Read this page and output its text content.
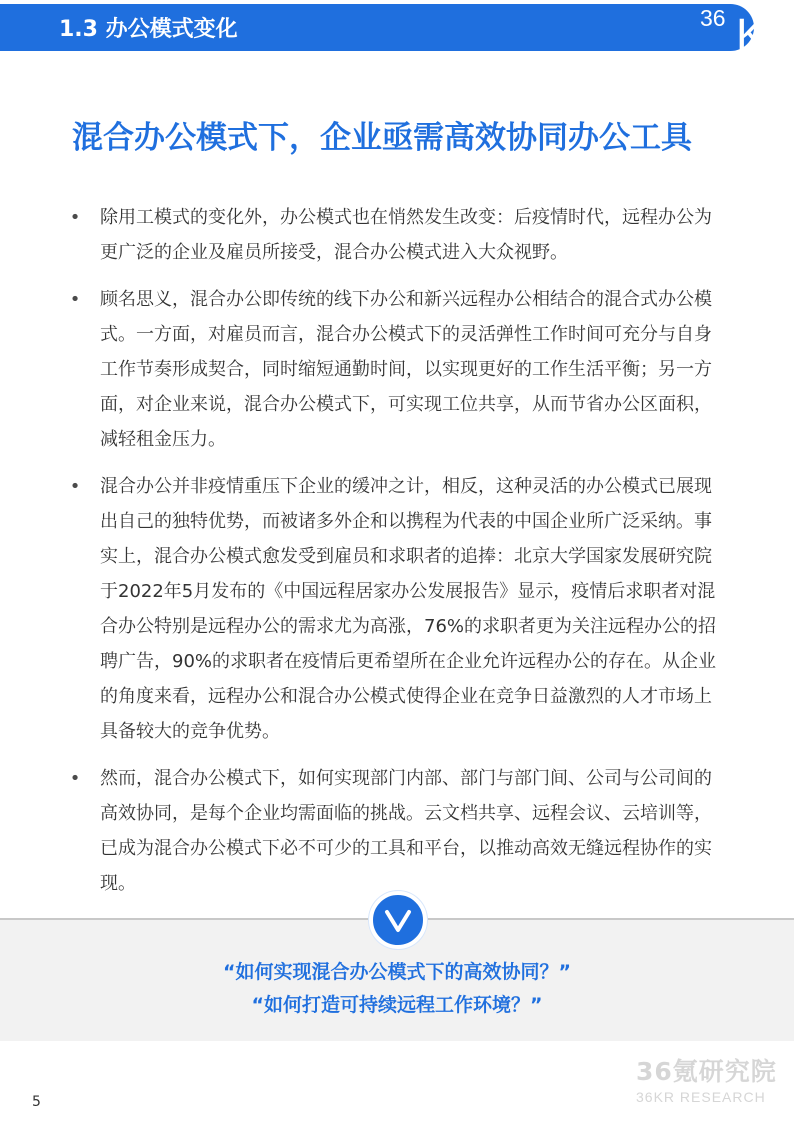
1.3 办公模式变化	36 Kr
混合办公模式下，企业亟需高效协同办公工具
• 除用工模式的变化外，办公模式也在悄然发生改变：后疫情时代，远程办公为更广泛的企业及雇员所接受，混合办公模式进入大众视野。
• 顾名思义，混合办公即传统的线下办公和新兴远程办公相结合的混合式办公模式。一方面，对雇员而言，混合办公模式下的灵活弹性工作时间可充分与自身工作节奏形成契合，同时缩短通勤时间，以实现更好的工作生活平衡；另一方面，对企业来说，混合办公模式下，可实现工位共享，从而节省办公区面积，减轻租金压力。
• 混合办公并非疫情重压下企业的缓冲之计，相反，这种灵活的办公模式已展现出自己的独特优势，而被诸多外企和以携程为代表的中国企业所广泛采纳。事实上，混合办公模式愈发受到雇员和求职者的追捧：北京大学国家发展研究院于2022年5月发布的《中国远程居家办公发展报告》显示，疫情后求职者对混合办公特别是远程办公的需求尤为高涨，76%的求职者更为关注远程办公的招聘广告，90%的求职者在疫情后更希望所在企业允许远程办公的存在。从企业的角度来看，远程办公和混合办公模式使得企业在竞争日益激烈的人才市场上具备较大的竞争优势。
• 然而，混合办公模式下，如何实现部门内部、部门与部门间、公司与公司间的高效协同，是每个企业均需面临的挑战。云文档共享、远程会议、云培训等，已成为混合办公模式下必不可少的工具和平台，以推动高效无缝远程协作的实现。
“如何实现混合办公模式下的高效协同？”
“如何打造可持续远程工作环境？”
5
36氪研究院
36KR RESEARCH
